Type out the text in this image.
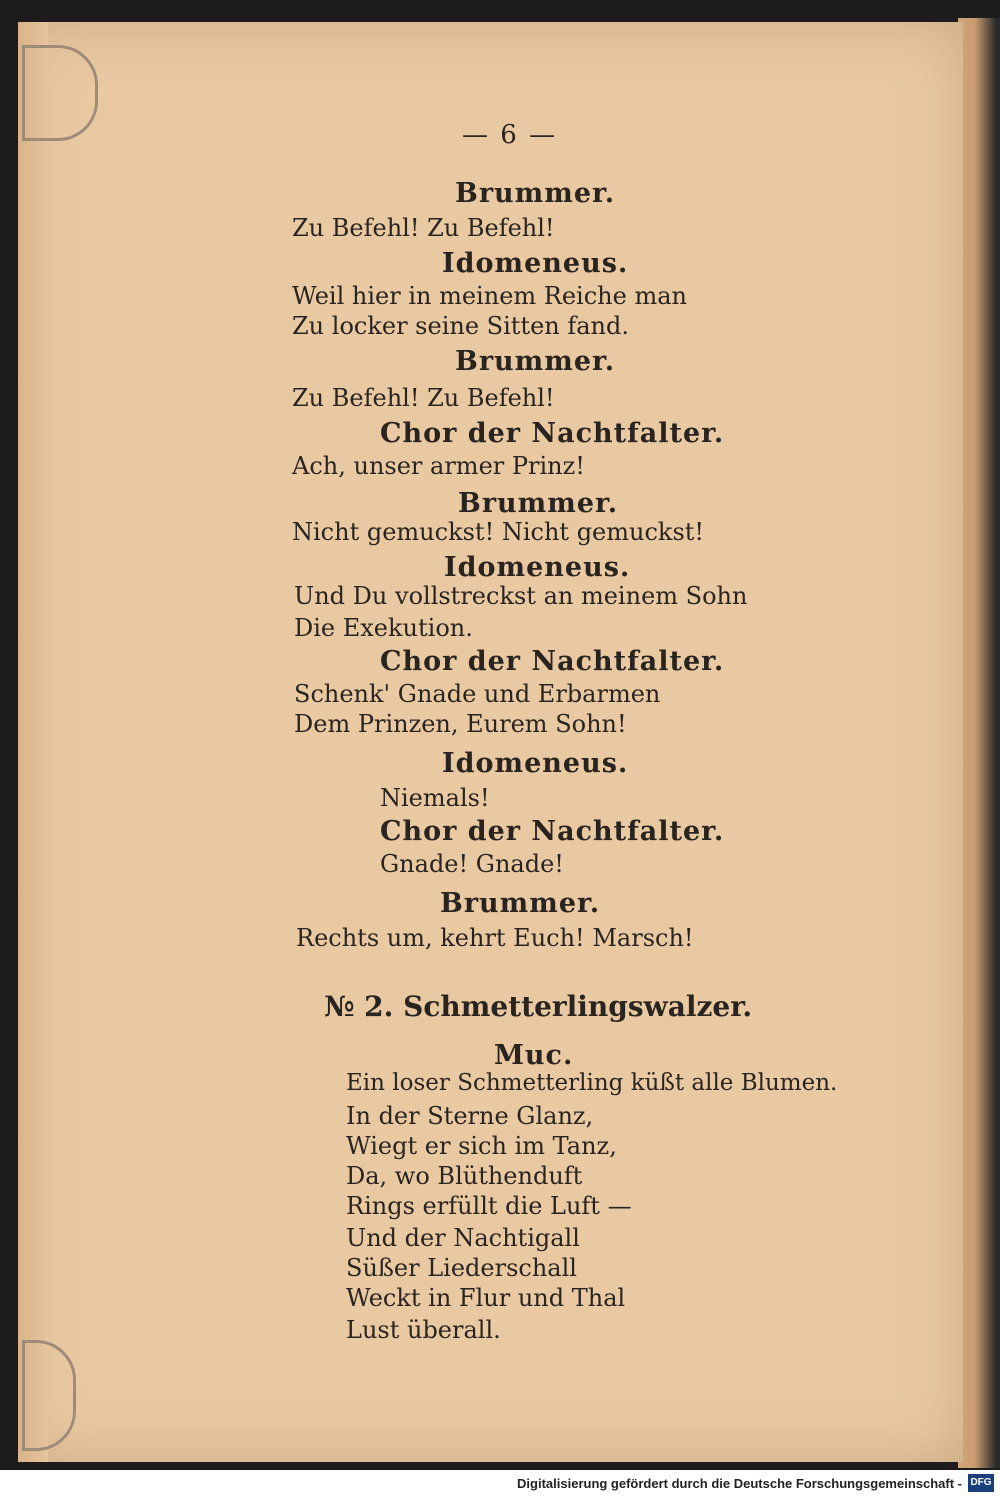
— 6 —
Brummer.
Zu Befehl! Zu Befehl!
Idomeneus.
Weil hier in meinem Reiche man
Zu locker seine Sitten fand.
Brummer.
Zu Befehl! Zu Befehl!
Chor der Nachtfalter.
Ach, unser armer Prinz!
Brummer.
Nicht gemuckst! Nicht gemuckst!
Idomeneus.
Und Du vollstreckst an meinem Sohn
Die Exekution.
Chor der Nachtfalter.
Schenk' Gnade und Erbarmen
Dem Prinzen, Eurem Sohn!
Idomeneus.
Niemals!
Chor der Nachtfalter.
Gnade! Gnade!
Brummer.
Rechts um, kehrt Euch! Marsch!
№ 2. Schmetterlingswalzer.
Muc.
Ein loser Schmetterling küßt alle Blumen.
In der Sterne Glanz,
Wiegt er sich im Tanz,
Da, wo Blüthenduft
Rings erfüllt die Luft —
Und der Nachtigall
Süßer Liederschall
Weckt in Flur und Thal
Lust überall.
Digitalisierung gefördert durch die Deutsche Forschungsgemeinschaft - DFG
